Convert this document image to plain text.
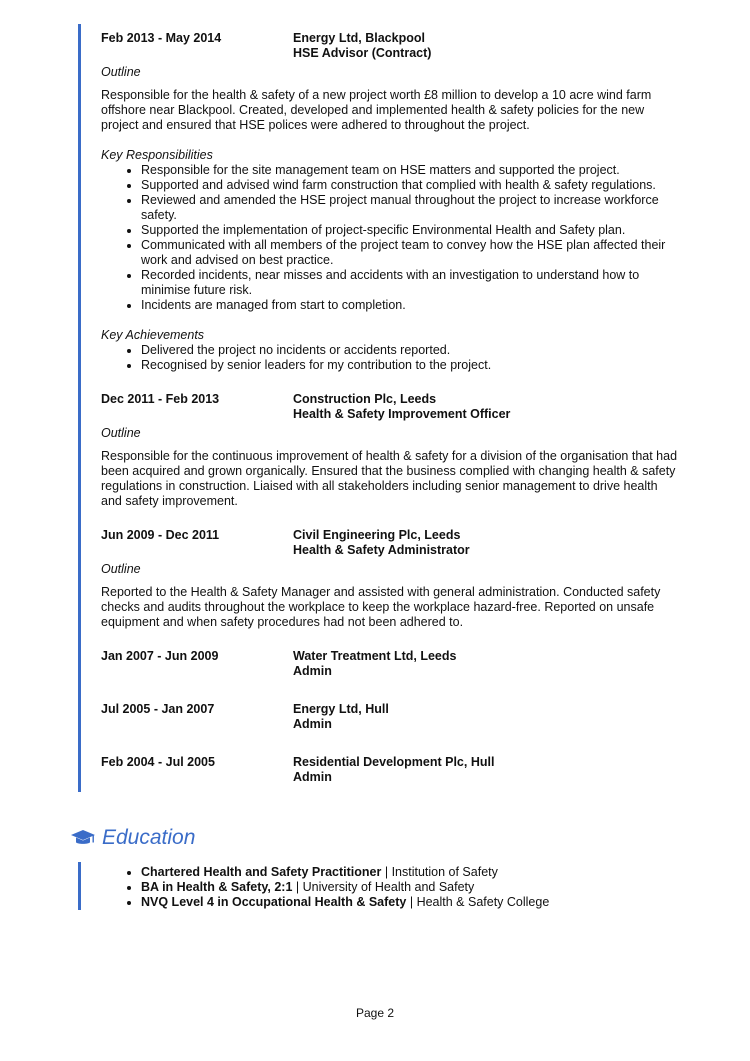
Feb 2013 - May 2014	Energy Ltd, Blackpool
HSE Advisor (Contract)
Outline
Responsible for the health & safety of a new project worth £8 million to develop a 10 acre wind farm offshore near Blackpool. Created, developed and implemented health & safety policies for the new project and ensured that HSE polices were adhered to throughout the project.
Key Responsibilities
• Responsible for the site management team on HSE matters and supported the project.
• Supported and advised wind farm construction that complied with health & safety regulations.
• Reviewed and amended the HSE project manual throughout the project to increase workforce safety.
• Supported the implementation of project-specific Environmental Health and Safety plan.
• Communicated with all members of the project team to convey how the HSE plan affected their work and advised on best practice.
• Recorded incidents, near misses and accidents with an investigation to understand how to minimise future risk.
• Incidents are managed from start to completion.
Key Achievements
• Delivered the project no incidents or accidents reported.
• Recognised by senior leaders for my contribution to the project.
Dec 2011 - Feb 2013	Construction Plc, Leeds
Health & Safety Improvement Officer
Outline
Responsible for the continuous improvement of health & safety for a division of the organisation that had been acquired and grown organically. Ensured that the business complied with changing health & safety regulations in construction. Liaised with all stakeholders including senior management to drive health and safety improvement.
Jun 2009 - Dec 2011	Civil Engineering Plc, Leeds
Health & Safety Administrator
Outline
Reported to the Health & Safety Manager and assisted with general administration. Conducted safety checks and audits throughout the workplace to keep the workplace hazard-free. Reported on unsafe equipment and when safety procedures had not been adhered to.
Jan 2007 - Jun 2009	Water Treatment Ltd, Leeds
Admin
Jul 2005 - Jan 2007	Energy Ltd, Hull
Admin
Feb 2004 - Jul 2005	Residential Development Plc, Hull
Admin
Education
• Chartered Health and Safety Practitioner | Institution of Safety
• BA in Health & Safety, 2:1 | University of Health and Safety
• NVQ Level 4 in Occupational Health & Safety | Health & Safety College
Page 2
